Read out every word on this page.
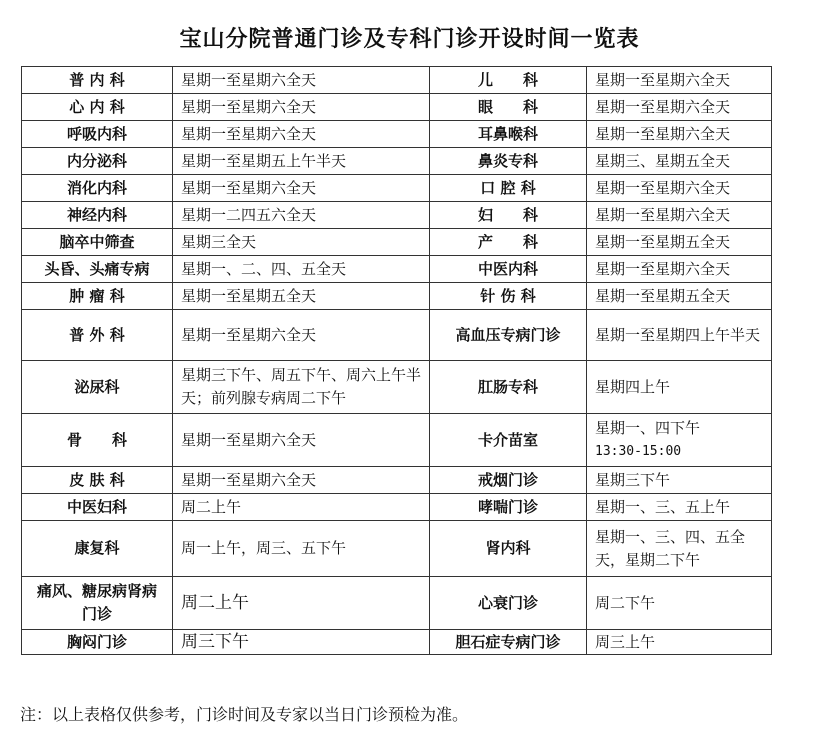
宝山分院普通门诊及专科门诊开设时间一览表
普 内 科	星期一至星期六全天	儿　　科	星期一至星期六全天
心 内 科	星期一至星期六全天	眼　　科	星期一至星期六全天
呼吸内科	星期一至星期六全天	耳鼻喉科	星期一至星期六全天
内分泌科	星期一至星期五上午半天	鼻炎专科	星期三、星期五全天
消化内科	星期一至星期六全天	口 腔 科	星期一至星期六全天
神经内科	星期一二四五六全天	妇　　科	星期一至星期六全天
脑卒中筛查	星期三全天	产　　科	星期一至星期五全天
头昏、头痛专病	星期一、二、四、五全天	中医内科	星期一至星期六全天
肿 瘤 科	星期一至星期五全天	针 伤 科	星期一至星期五全天
普 外 科	星期一至星期六全天	高血压专病门诊	星期一至星期四上午半天
泌尿科	星期三下午、周五下午、周六上午半天；前列腺专病周二下午	肛肠专科	星期四上午
骨　　科	星期一至星期六全天	卡介苗室	星期一、四下午
13:30-15:00

皮 肤 科	星期一至星期六全天	戒烟门诊	星期三下午
中医妇科	周二上午	哮喘门诊	星期一、三、五上午
康复科	周一上午，周三、五下午	肾内科	星期一、三、四、五全天，星期二下午
痛风、糖尿病肾病门诊	周二上午	心衰门诊	周二下午
胸闷门诊	周三下午	胆石症专病门诊	周三上午
注：以上表格仅供参考，门诊时间及专家以当日门诊预检为准。
